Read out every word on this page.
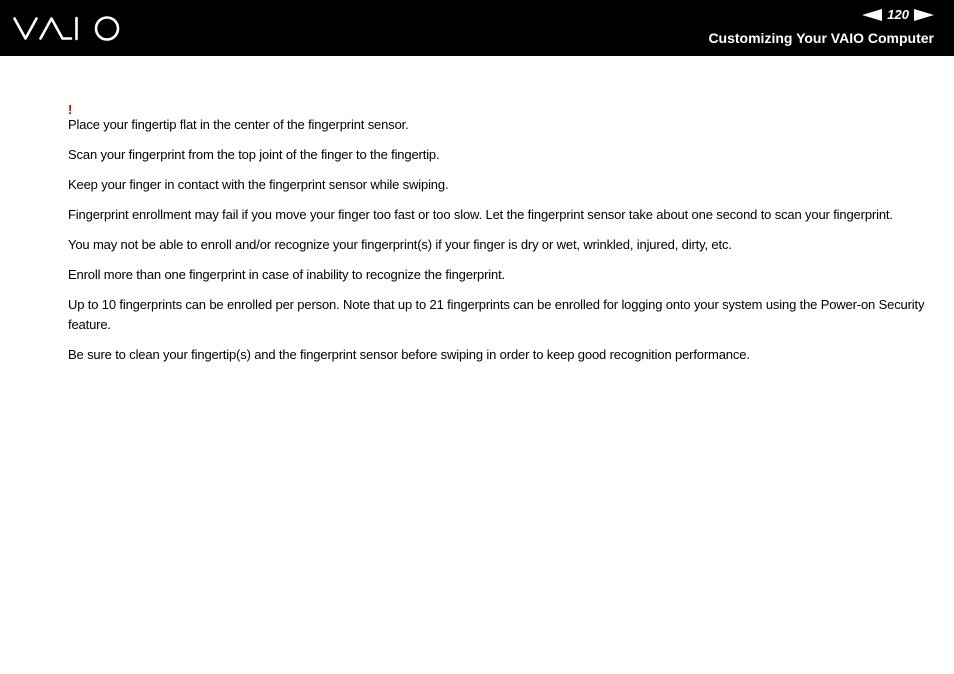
120
Customizing Your VAIO Computer
!

Place your fingertip flat in the center of the fingerprint sensor.

Scan your fingerprint from the top joint of the finger to the fingertip.

Keep your finger in contact with the fingerprint sensor while swiping.

Fingerprint enrollment may fail if you move your finger too fast or too slow. Let the fingerprint sensor take about one second to scan your fingerprint.

You may not be able to enroll and/or recognize your fingerprint(s) if your finger is dry or wet, wrinkled, injured, dirty, etc.

Enroll more than one fingerprint in case of inability to recognize the fingerprint.

Up to 10 fingerprints can be enrolled per person. Note that up to 21 fingerprints can be enrolled for logging onto your system using the Power-on Security feature.

Be sure to clean your fingertip(s) and the fingerprint sensor before swiping in order to keep good recognition performance.
